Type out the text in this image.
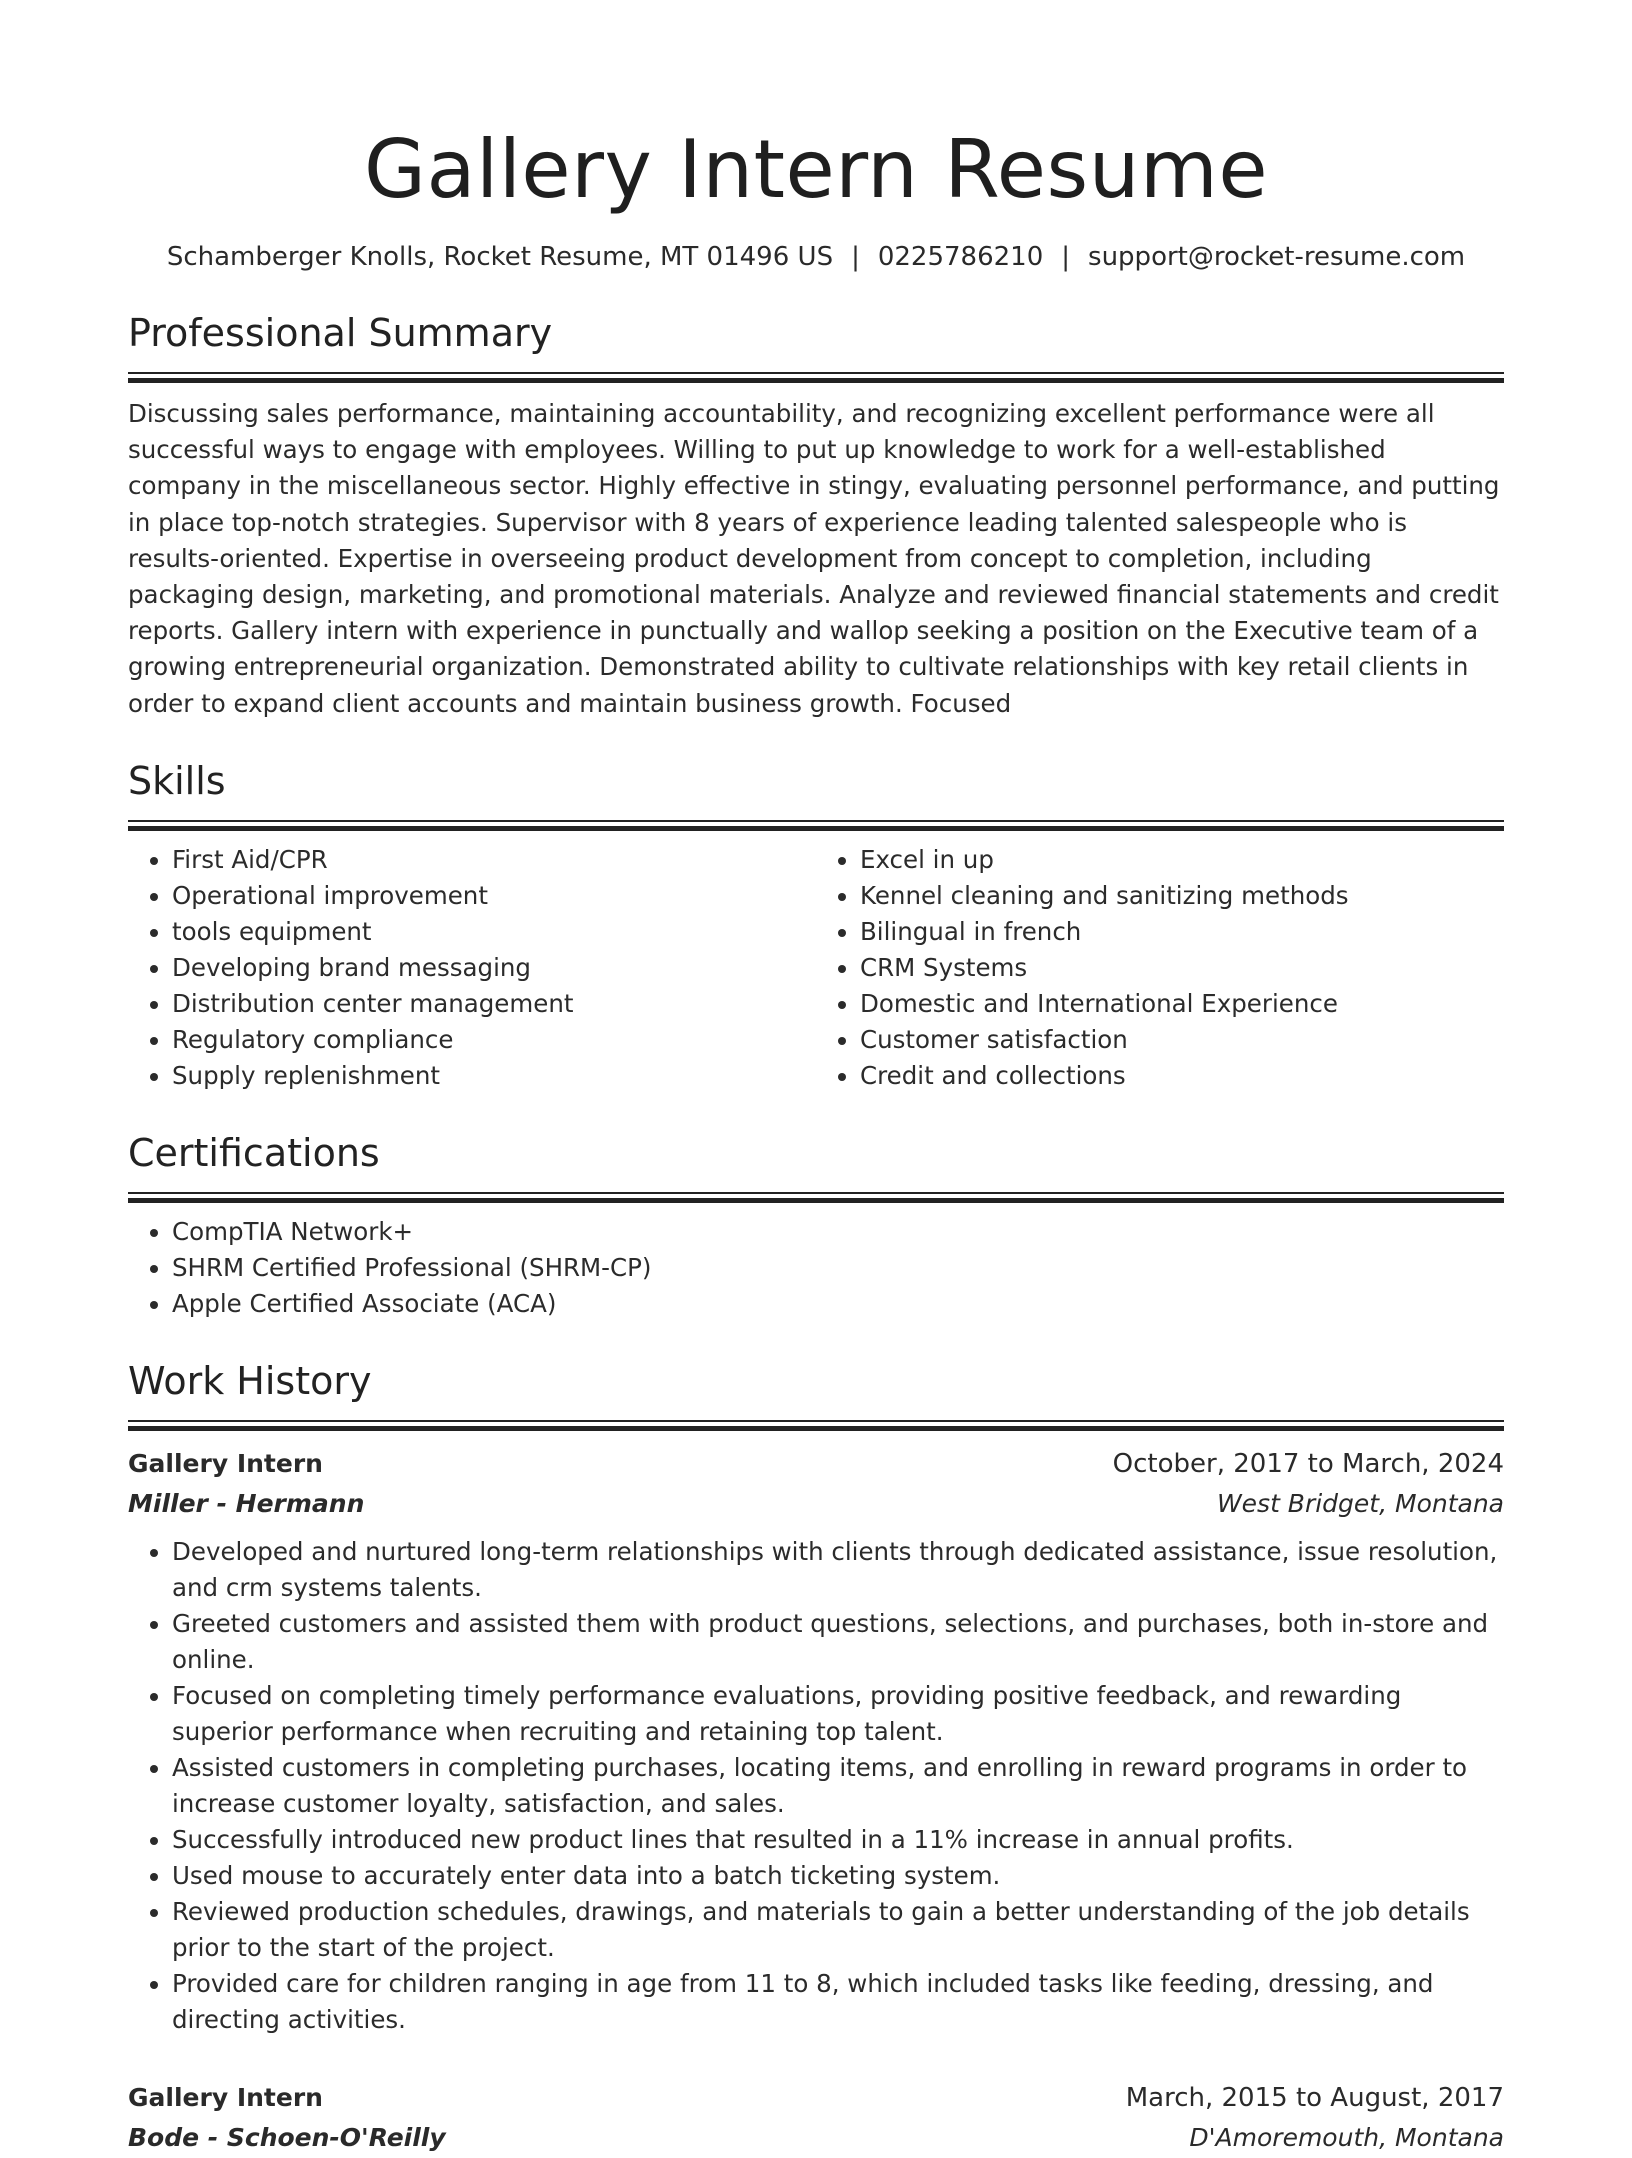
Gallery Intern Resume
Schamberger Knolls, Rocket Resume, MT 01496 US | 0225786210 | support@rocket-resume.com
Professional Summary
Discussing sales performance, maintaining accountability, and recognizing excellent performance were all successful ways to engage with employees. Willing to put up knowledge to work for a well-established company in the miscellaneous sector. Highly effective in stingy, evaluating personnel performance, and putting in place top-notch strategies. Supervisor with 8 years of experience leading talented salespeople who is results-oriented. Expertise in overseeing product development from concept to completion, including packaging design, marketing, and promotional materials. Analyze and reviewed financial statements and credit reports. Gallery intern with experience in punctually and wallop seeking a position on the Executive team of a growing entrepreneurial organization. Demonstrated ability to cultivate relationships with key retail clients in order to expand client accounts and maintain business growth. Focused
Skills
• First Aid/CPR
• Operational improvement
• tools equipment
• Developing brand messaging
• Distribution center management
• Regulatory compliance
• Supply replenishment
• Excel in up
• Kennel cleaning and sanitizing methods
• Bilingual in french
• CRM Systems
• Domestic and International Experience
• Customer satisfaction
• Credit and collections
Certifications
• CompTIA Network+
• SHRM Certified Professional (SHRM-CP)
• Apple Certified Associate (ACA)
Work History
Gallery Intern	October, 2017 to March, 2024
Miller - Hermann	West Bridget, Montana
• Developed and nurtured long-term relationships with clients through dedicated assistance, issue resolution, and crm systems talents.
• Greeted customers and assisted them with product questions, selections, and purchases, both in-store and online.
• Focused on completing timely performance evaluations, providing positive feedback, and rewarding superior performance when recruiting and retaining top talent.
• Assisted customers in completing purchases, locating items, and enrolling in reward programs in order to increase customer loyalty, satisfaction, and sales.
• Successfully introduced new product lines that resulted in a 11% increase in annual profits.
• Used mouse to accurately enter data into a batch ticketing system.
• Reviewed production schedules, drawings, and materials to gain a better understanding of the job details prior to the start of the project.
• Provided care for children ranging in age from 11 to 8, which included tasks like feeding, dressing, and directing activities.
Gallery Intern	March, 2015 to August, 2017
Bode - Schoen-O'Reilly	D'Amoremouth, Montana
